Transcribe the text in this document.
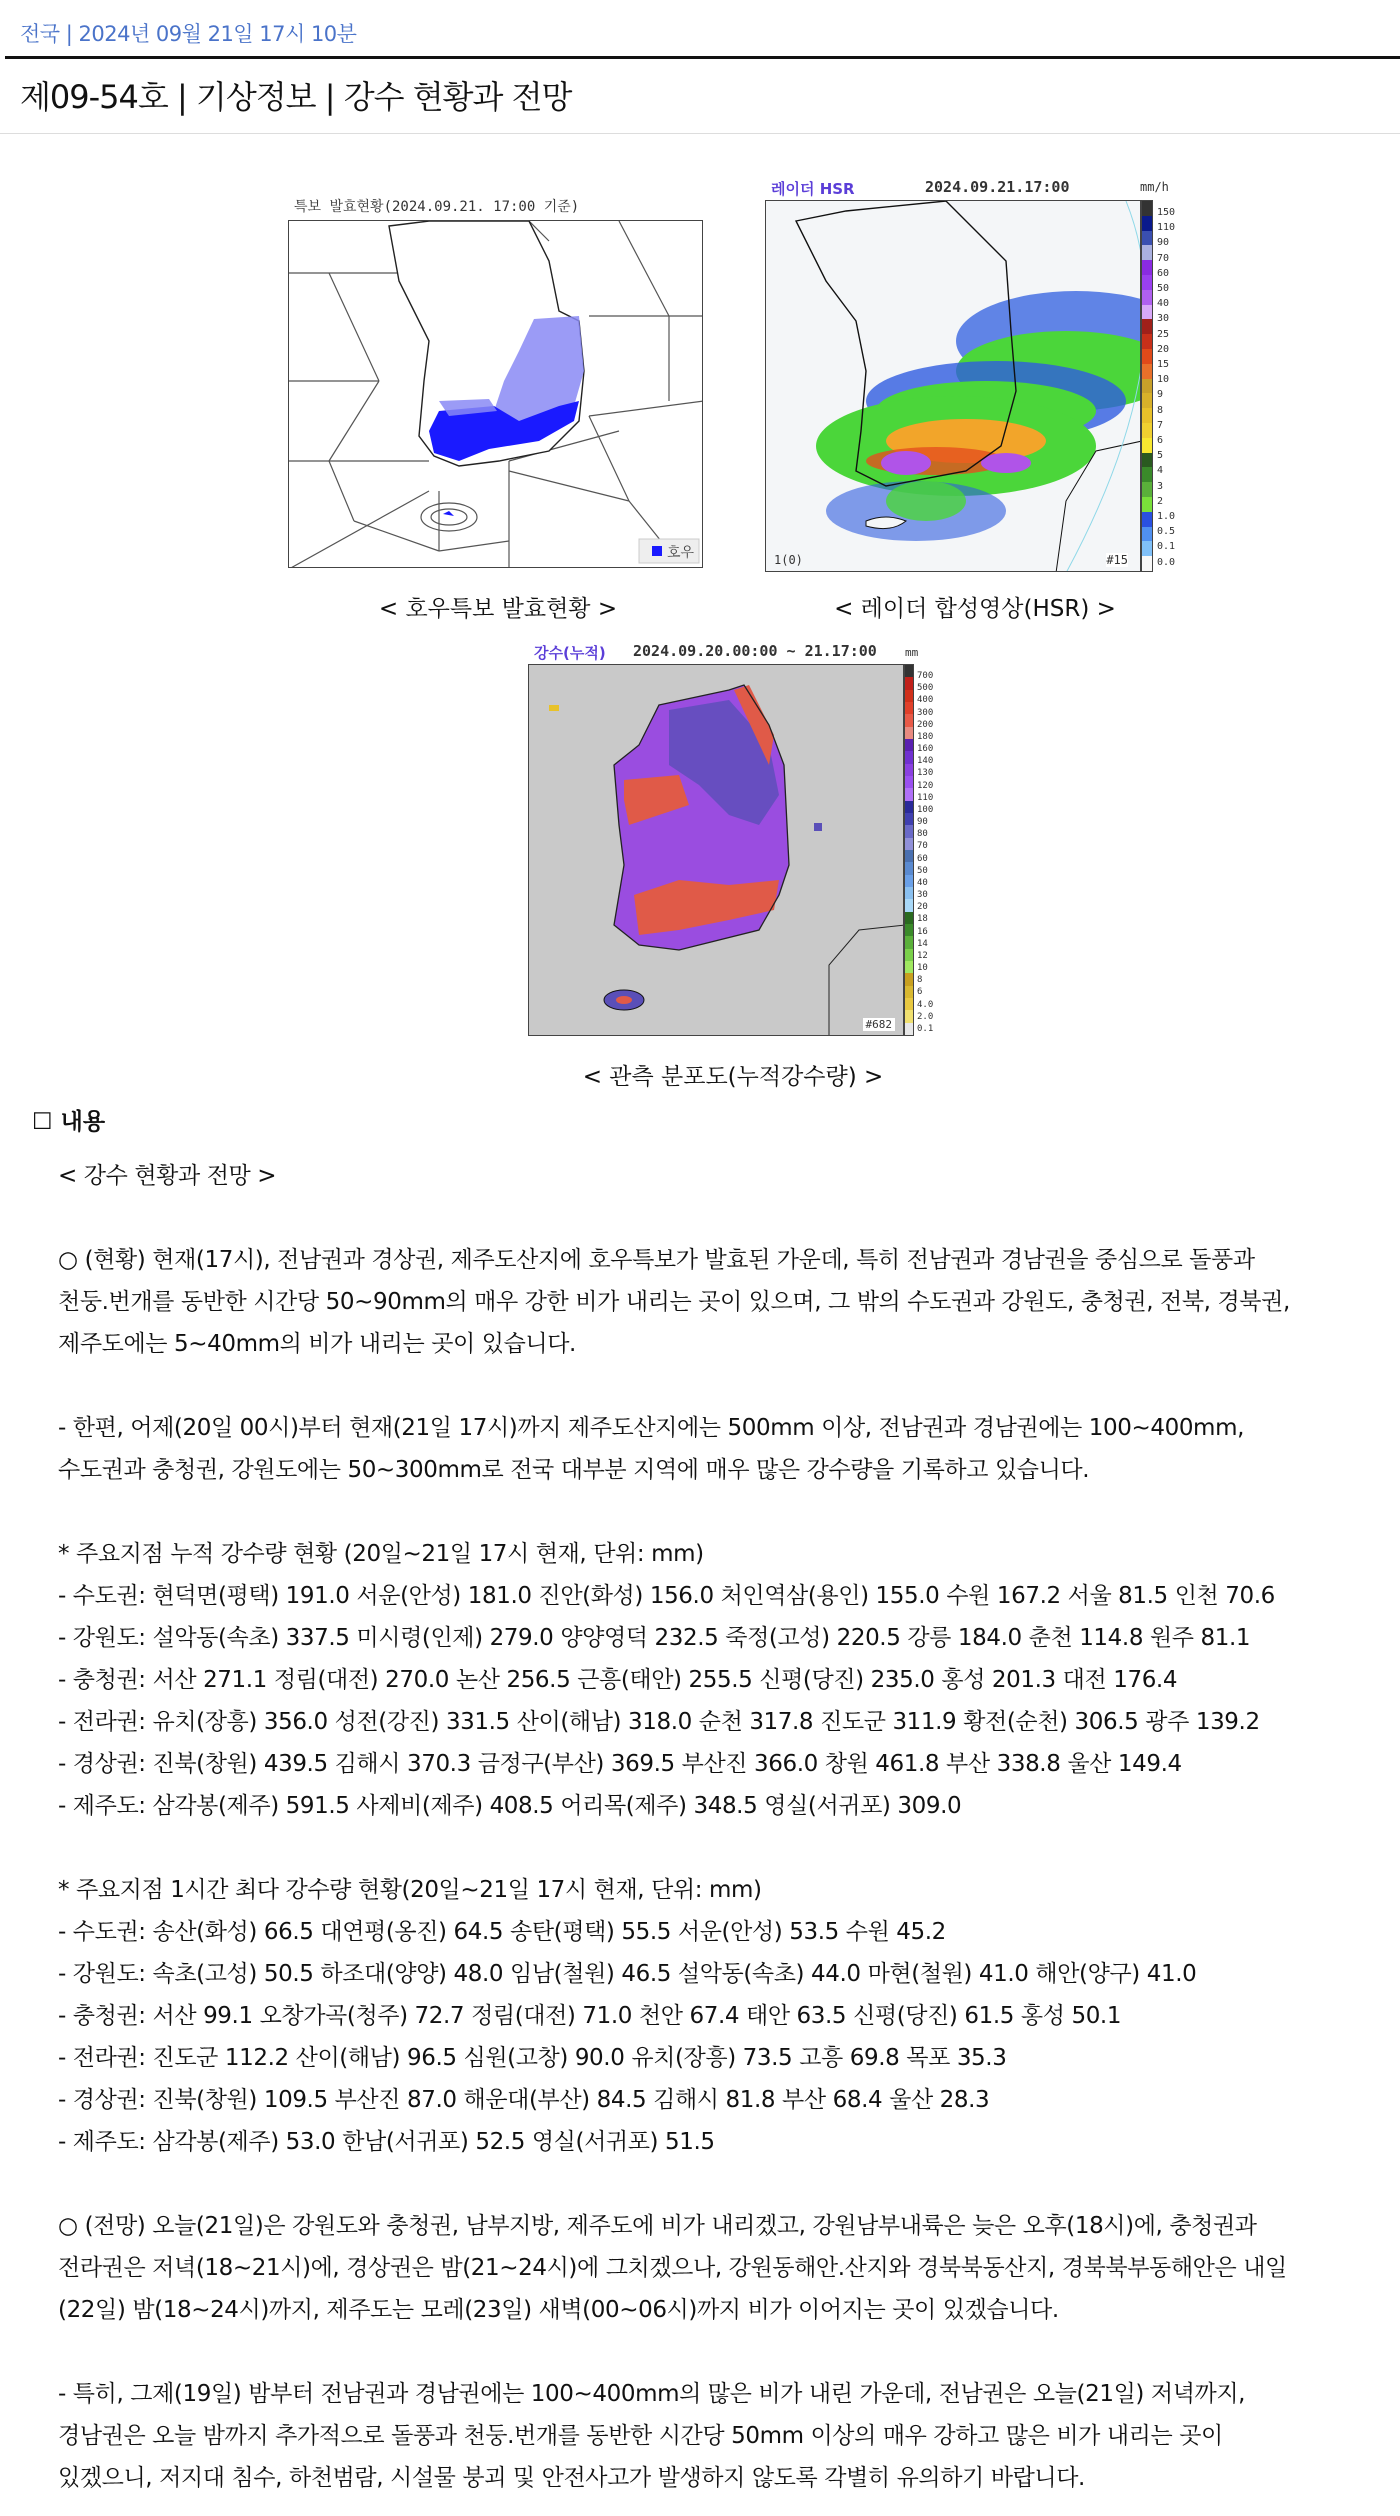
전국 | 2024년 09월 21일 17시 10분
제09-54호 | 기상정보 | 강수 현황과 전망
특보 발효현황(2024.09.21. 17:00 기준)
호우
< 호우특보 발효현황 >
레이더 HSR	2024.09.21.17:00	mm/h
1(0)	#15
150
110
90
70
60
50
40
30
25
20
15
10
9
8
7
6
5
4
3
2
1.0
0.5
0.1
0.0
< 레이더 합성영상(HSR) >
강수(누적) 2024.09.20.00:00 ~ 21.17:00	mm
#682
700
500
400
300
200
180
160
140
130
120
110
100
90
80
70
60
50
40
30
20
18
16
14
12
10
8
6
4.0
2.0
0.1
< 관측 분포도(누적강수량) >
☐ 내용
< 강수 현황과 전망 >
○ (현황) 현재(17시), 전남권과 경상권, 제주도산지에 호우특보가 발효된 가운데, 특히 전남권과 경남권을 중심으로 돌풍과
천둥.번개를 동반한 시간당 50~90mm의 매우 강한 비가 내리는 곳이 있으며, 그 밖의 수도권과 강원도, 충청권, 전북, 경북권,
제주도에는 5~40mm의 비가 내리는 곳이 있습니다.
- 한편, 어제(20일 00시)부터 현재(21일 17시)까지 제주도산지에는 500mm 이상, 전남권과 경남권에는 100~400mm,
수도권과 충청권, 강원도에는 50~300mm로 전국 대부분 지역에 매우 많은 강수량을 기록하고 있습니다.
* 주요지점 누적 강수량 현황 (20일~21일 17시 현재, 단위: mm)
- 수도권: 현덕면(평택) 191.0 서운(안성) 181.0 진안(화성) 156.0 처인역삼(용인) 155.0 수원 167.2 서울 81.5 인천 70.6
- 강원도: 설악동(속초) 337.5 미시령(인제) 279.0 양양영덕 232.5 죽정(고성) 220.5 강릉 184.0 춘천 114.8 원주 81.1
- 충청권: 서산 271.1 정림(대전) 270.0 논산 256.5 근흥(태안) 255.5 신평(당진) 235.0 홍성 201.3 대전 176.4
- 전라권: 유치(장흥) 356.0 성전(강진) 331.5 산이(해남) 318.0 순천 317.8 진도군 311.9 황전(순천) 306.5 광주 139.2
- 경상권: 진북(창원) 439.5 김해시 370.3 금정구(부산) 369.5 부산진 366.0 창원 461.8 부산 338.8 울산 149.4
- 제주도: 삼각봉(제주) 591.5 사제비(제주) 408.5 어리목(제주) 348.5 영실(서귀포) 309.0
* 주요지점 1시간 최다 강수량 현황(20일~21일 17시 현재, 단위: mm)
- 수도권: 송산(화성) 66.5 대연평(옹진) 64.5 송탄(평택) 55.5 서운(안성) 53.5 수원 45.2
- 강원도: 속초(고성) 50.5 하조대(양양) 48.0 임남(철원) 46.5 설악동(속초) 44.0 마현(철원) 41.0 해안(양구) 41.0
- 충청권: 서산 99.1 오창가곡(청주) 72.7 정림(대전) 71.0 천안 67.4 태안 63.5 신평(당진) 61.5 홍성 50.1
- 전라권: 진도군 112.2 산이(해남) 96.5 심원(고창) 90.0 유치(장흥) 73.5 고흥 69.8 목포 35.3
- 경상권: 진북(창원) 109.5 부산진 87.0 해운대(부산) 84.5 김해시 81.8 부산 68.4 울산 28.3
- 제주도: 삼각봉(제주) 53.0 한남(서귀포) 52.5 영실(서귀포) 51.5
○ (전망) 오늘(21일)은 강원도와 충청권, 남부지방, 제주도에 비가 내리겠고, 강원남부내륙은 늦은 오후(18시)에, 충청권과
전라권은 저녁(18~21시)에, 경상권은 밤(21~24시)에 그치겠으나, 강원동해안.산지와 경북북동산지, 경북북부동해안은 내일
(22일) 밤(18~24시)까지, 제주도는 모레(23일) 새벽(00~06시)까지 비가 이어지는 곳이 있겠습니다.
- 특히, 그제(19일) 밤부터 전남권과 경남권에는 100~400mm의 많은 비가 내린 가운데, 전남권은 오늘(21일) 저녁까지,
경남권은 오늘 밤까지 추가적으로 돌풍과 천둥.번개를 동반한 시간당 50mm 이상의 매우 강하고 많은 비가 내리는 곳이
있겠으니, 저지대 침수, 하천범람, 시설물 붕괴 및 안전사고가 발생하지 않도록 각별히 유의하기 바랍니다.
